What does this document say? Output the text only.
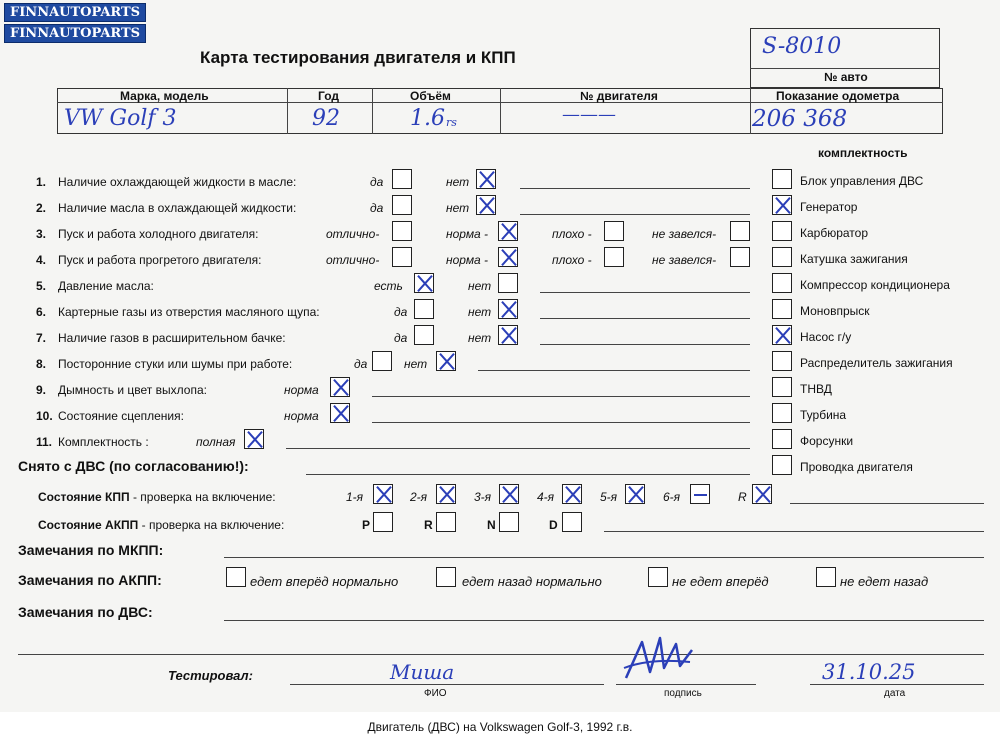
FINNAUTOPARTS
FINNAUTOPARTS
Карта тестирования двигателя и КПП	S-8010
№ авто
Марка, модель	Год	Объём	№ двигателя	Показание одометра
VW Golf 3	92	1.6 rs	———	206 368
комплектность
1. Наличие охлаждающей жидкости в масле:	да	нет
2. Наличие масла в охлаждающей жидкости:	да	нет
3. Пуск и работа холодного двигателя:	отлично-	норма -	плохо -	не завелся-
4. Пуск и работа прогретого двигателя:	отлично-	норма -	плохо -	не завелся-
5. Давление масла:	есть	нет
6. Картерные газы из отверстия масляного щупа:	да	нет
7. Наличие газов в расширительном бачке:	да	нет
8. Посторонние стуки или шумы при работе:	да	нет
9. Дымность и цвет выхлопа:	норма
10. Состояние сцепления:	норма
11. Комплектность :	полная
Снято с ДВС (по согласованию!):
Блок управления ДВС
Генератор
Карбюратор
Катушка зажигания
Компрессор кондиционера
Моновпрыск
Насос г/у
Распределитель зажигания
ТНВД
Турбина
Форсунки
Проводка двигателя
Состояние КПП - проверка на включение:	1-я	2-я	3-я	4-я	5-я	6-я	R
Состояние АКПП - проверка на включение:	P	R	N	D
Замечания по МКПП:
Замечания по АКПП:	едет вперёд нормально	едет назад нормально	не едет вперёд	не едет назад
Замечания по ДВС:
Тестировал:	Миша
ФИО	подпись
31.10.25
дата
Двигатель (ДВС) на Volkswagen Golf-3, 1992 г.в.
